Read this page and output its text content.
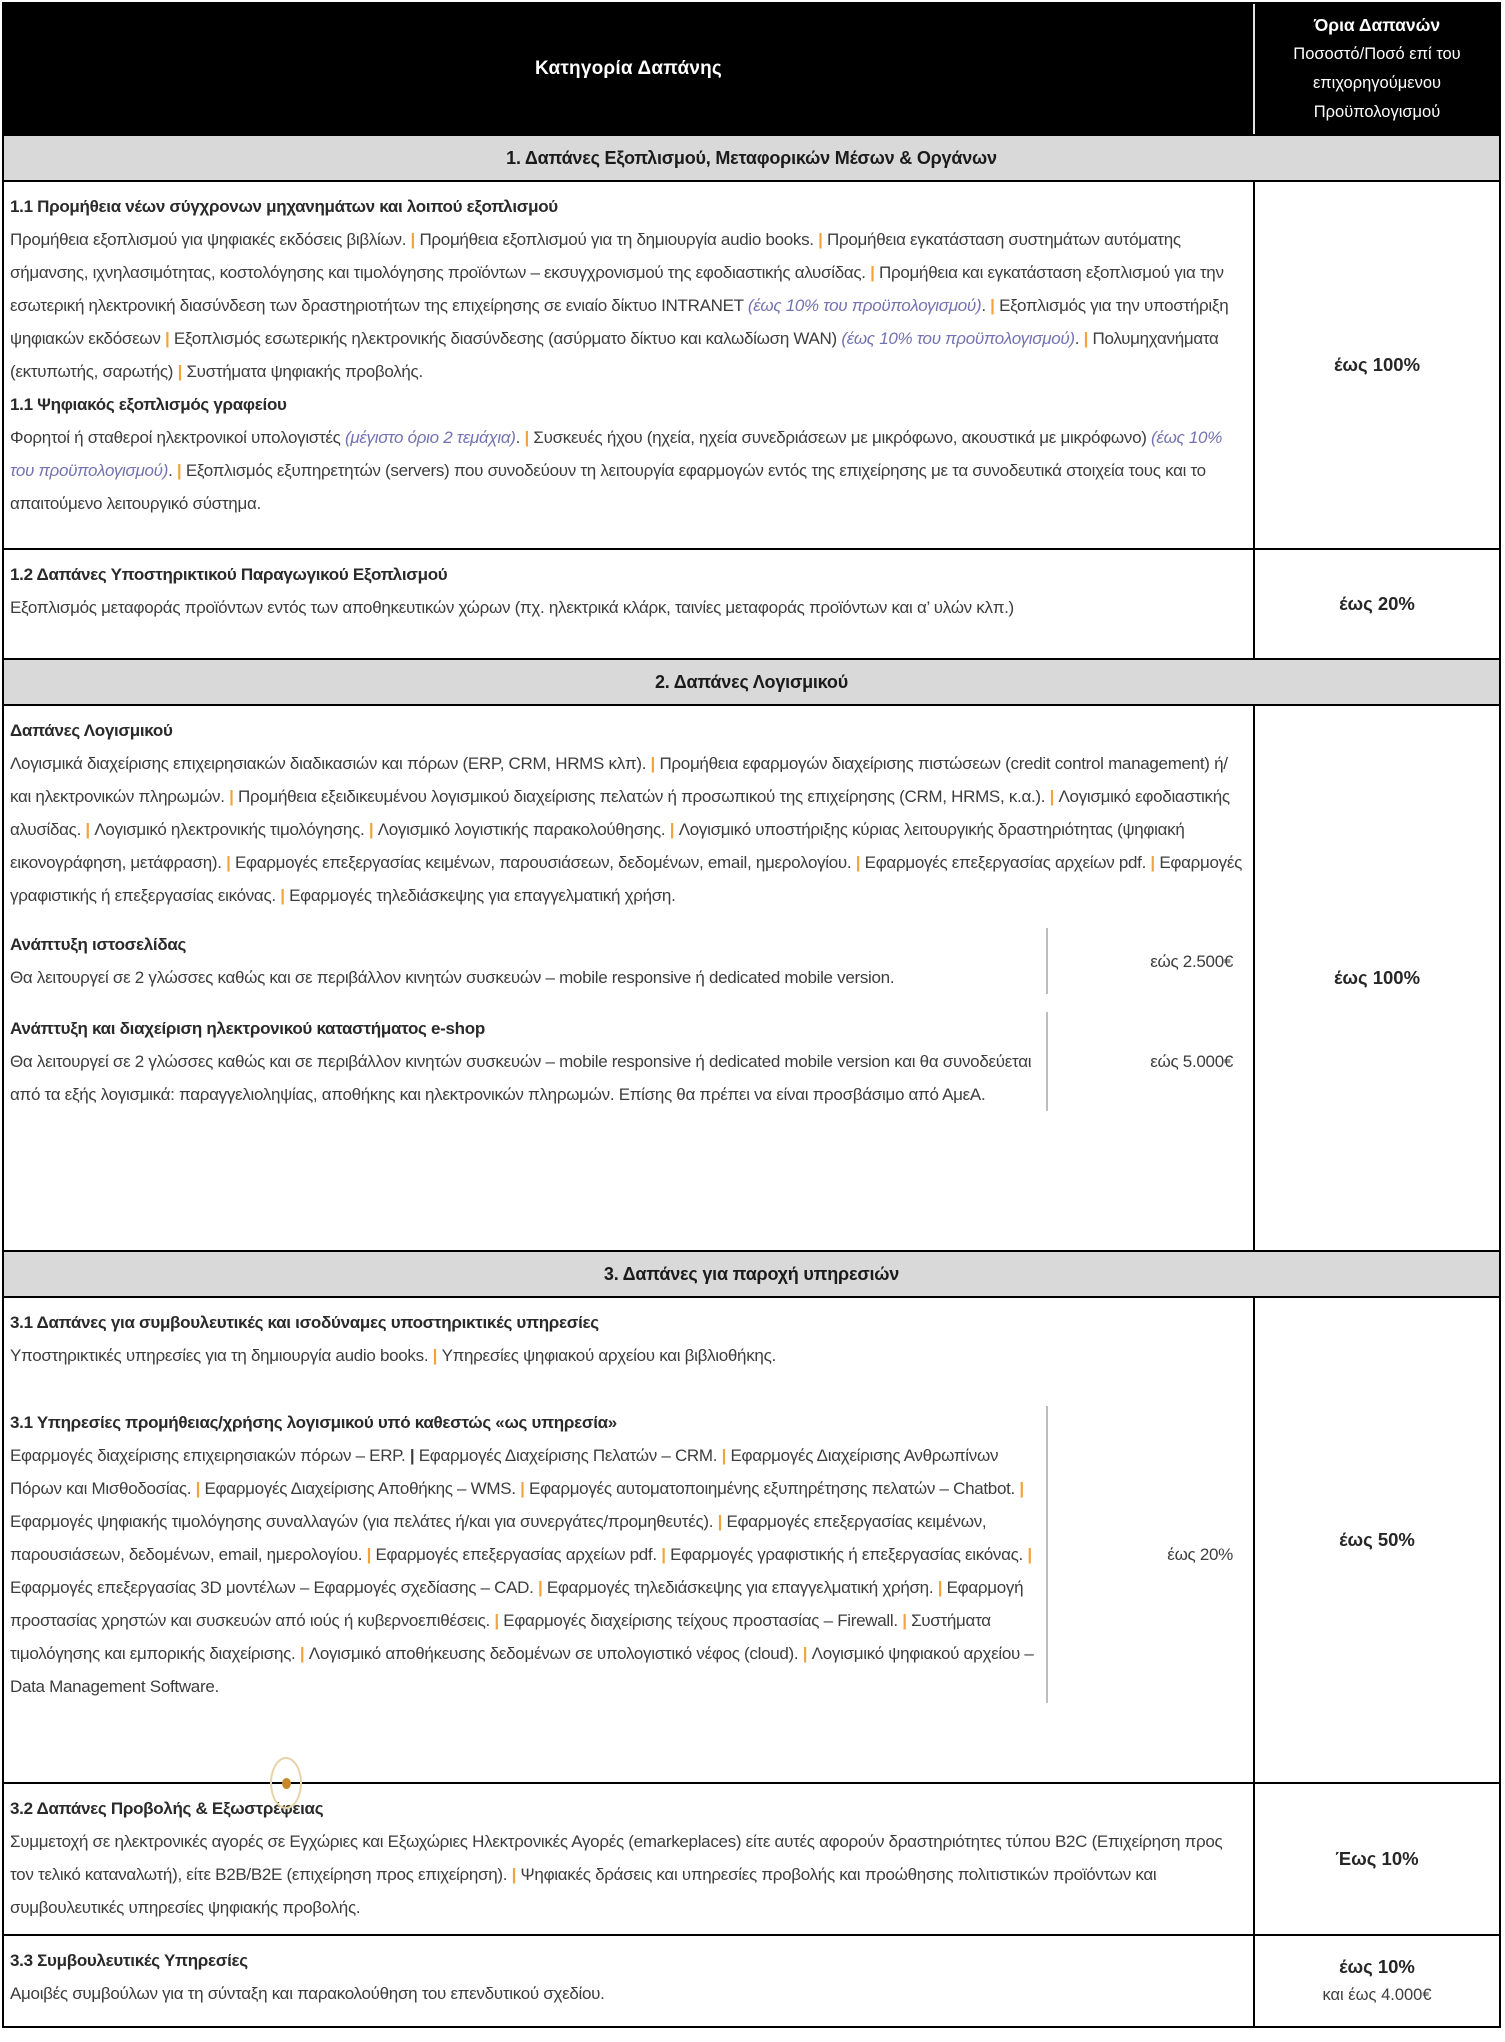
Κατηγορία Δαπάνης
Όρια Δαπανών
Ποσοστό/Ποσό επί του
επιχορηγούμενου
Προϋπολογισμού
1. Δαπάνες Εξοπλισμού, Μεταφορικών Μέσων & Οργάνων
1.1 Προμήθεια νέων σύγχρονων μηχανημάτων και λοιπού εξοπλισμού
Προμήθεια εξοπλισμού για ψηφιακές εκδόσεις βιβλίων. | Προμήθεια εξοπλισμού για τη δημιουργία audio books. | Προμήθεια εγκατάσταση συστημάτων αυτόματης σήμανσης, ιχνηλασιμότητας, κοστολόγησης και τιμολόγησης προϊόντων – εκσυγχρονισμού της εφοδιαστικής αλυσίδας. | Προμήθεια και εγκατάσταση εξοπλισμού για την εσωτερική ηλεκτρονική διασύνδεση των δραστηριοτήτων της επιχείρησης σε ενιαίο δίκτυο INTRANET (έως 10% του προϋπολογισμού). | Εξοπλισμός για την υποστήριξη ψηφιακών εκδόσεων | Εξοπλισμός εσωτερικής ηλεκτρονικής διασύνδεσης (ασύρματο δίκτυο και καλωδίωση WAN) (έως 10% του προϋπολογισμού). | Πολυμηχανήματα (εκτυπωτής, σαρωτής) | Συστήματα ψηφιακής προβολής.
1.1 Ψηφιακός εξοπλισμός γραφείου
Φορητοί ή σταθεροί ηλεκτρονικοί υπολογιστές (μέγιστο όριο 2 τεμάχια). | Συσκευές ήχου (ηχεία, ηχεία συνεδριάσεων με μικρόφωνο, ακουστικά με μικρόφωνο) (έως 10% του προϋπολογισμού). | Εξοπλισμός εξυπηρετητών (servers) που συνοδεύουν τη λειτουργία εφαρμογών εντός της επιχείρησης με τα συνοδευτικά στοιχεία τους και το απαιτούμενο λειτουργικό σύστημα.
έως 100%
1.2 Δαπάνες Υποστηρικτικού Παραγωγικού Εξοπλισμού
Εξοπλισμός μεταφοράς προϊόντων εντός των αποθηκευτικών χώρων (πχ. ηλεκτρικά κλάρκ, ταινίες μεταφοράς προϊόντων και α’ υλών κλπ.)	έως 20%
2. Δαπάνες Λογισμικού
Δαπάνες Λογισμικού
Λογισμικά διαχείρισης επιχειρησιακών διαδικασιών και πόρων (ERP, CRM, HRMS κλπ). | Προμήθεια εφαρμογών διαχείρισης πιστώσεων (credit control management) ή/και ηλεκτρονικών πληρωμών. | Προμήθεια εξειδικευμένου λογισμικού διαχείρισης πελατών ή προσωπικού της επιχείρησης (CRM, HRMS, κ.α.). | Λογισμικό εφοδιαστικής αλυσίδας. | Λογισμικό ηλεκτρονικής τιμολόγησης. | Λογισμικό λογιστικής παρακολούθησης. | Λογισμικό υποστήριξης κύριας λειτουργικής δραστηριότητας (ψηφιακή εικονογράφηση, μετάφραση). | Εφαρμογές επεξεργασίας κειμένων, παρουσιάσεων, δεδομένων, email, ημερολογίου. | Εφαρμογές επεξεργασίας αρχείων pdf. | Εφαρμογές γραφιστικής ή επεξεργασίας εικόνας. | Εφαρμογές τηλεδιάσκεψης για επαγγελματική χρήση.
Ανάπτυξη ιστοσελίδας
Θα λειτουργεί σε 2 γλώσσες καθώς και σε περιβάλλον κινητών συσκευών – mobile responsive ή dedicated mobile version.
εώς 2.500€
Ανάπτυξη και διαχείριση ηλεκτρονικού καταστήματος e-shop
Θα λειτουργεί σε 2 γλώσσες καθώς και σε περιβάλλον κινητών συσκευών – mobile responsive ή dedicated mobile version και θα συνοδεύεται από τα εξής λογισμικά: παραγγελιοληψίας, αποθήκης και ηλεκτρονικών πληρωμών. Επίσης θα πρέπει να είναι προσβάσιμο από ΑμεΑ.
εώς 5.000€
έως 100%
3. Δαπάνες για παροχή υπηρεσιών
3.1 Δαπάνες για συμβουλευτικές και ισοδύναμες υποστηρικτικές υπηρεσίες
Υποστηρικτικές υπηρεσίες για τη δημιουργία audio books. | Υπηρεσίες ψηφιακού αρχείου και βιβλιοθήκης.
3.1 Υπηρεσίες προμήθειας/χρήσης λογισμικού υπό καθεστώς «ως υπηρεσία»
Εφαρμογές διαχείρισης επιχειρησιακών πόρων – ERP. | Εφαρμογές Διαχείρισης Πελατών – CRM. | Εφαρμογές Διαχείρισης Ανθρωπίνων Πόρων και Μισθοδοσίας. | Εφαρμογές Διαχείρισης Αποθήκης – WMS. | Εφαρμογές αυτοματοποιημένης εξυπηρέτησης πελατών – Chatbot. | Εφαρμογές ψηφιακής τιμολόγησης συναλλαγών (για πελάτες ή/και για συνεργάτες/προμηθευτές). | Εφαρμογές επεξεργασίας κειμένων, παρουσιάσεων, δεδομένων, email, ημερολογίου. | Εφαρμογές επεξεργασίας αρχείων pdf. | Εφαρμογές γραφιστικής ή επεξεργασίας εικόνας. | Εφαρμογές επεξεργασίας 3D μοντέλων – Εφαρμογές σχεδίασης – CAD. | Εφαρμογές τηλεδιάσκεψης για επαγγελματική χρήση. | Εφαρμογή προστασίας χρηστών και συσκευών από ιούς ή κυβερνοεπιθέσεις. | Εφαρμογές διαχείρισης τείχους προστασίας – Firewall. | Συστήματα τιμολόγησης και εμπορικής διαχείρισης. | Λογισμικό αποθήκευσης δεδομένων σε υπολογιστικό νέφος (cloud). | Λογισμικό ψηφιακού αρχείου – Data Management Software.
έως 20%
έως 50%
3.2 Δαπάνες Προβολής & Εξωστρέφειας
Συμμετοχή σε ηλεκτρονικές αγορές σε Εγχώριες και Εξωχώριες Ηλεκτρονικές Αγορές (emarkeplaces) είτε αυτές αφορούν δραστηριότητες τύπου B2C (Επιχείρηση προς τον τελικό καταναλωτή), είτε B2B/B2E (επιχείρηση προς επιχείρηση). | Ψηφιακές δράσεις και υπηρεσίες προβολής και προώθησης πολιτιστικών προϊόντων και συμβουλευτικές υπηρεσίες ψηφιακής προβολής.
Έως 10%
3.3 Συμβουλευτικές Υπηρεσίες
Αμοιβές συμβούλων για τη σύνταξη και παρακολούθηση του επενδυτικού σχεδίου.
έως 10%
και έως 4.000€
